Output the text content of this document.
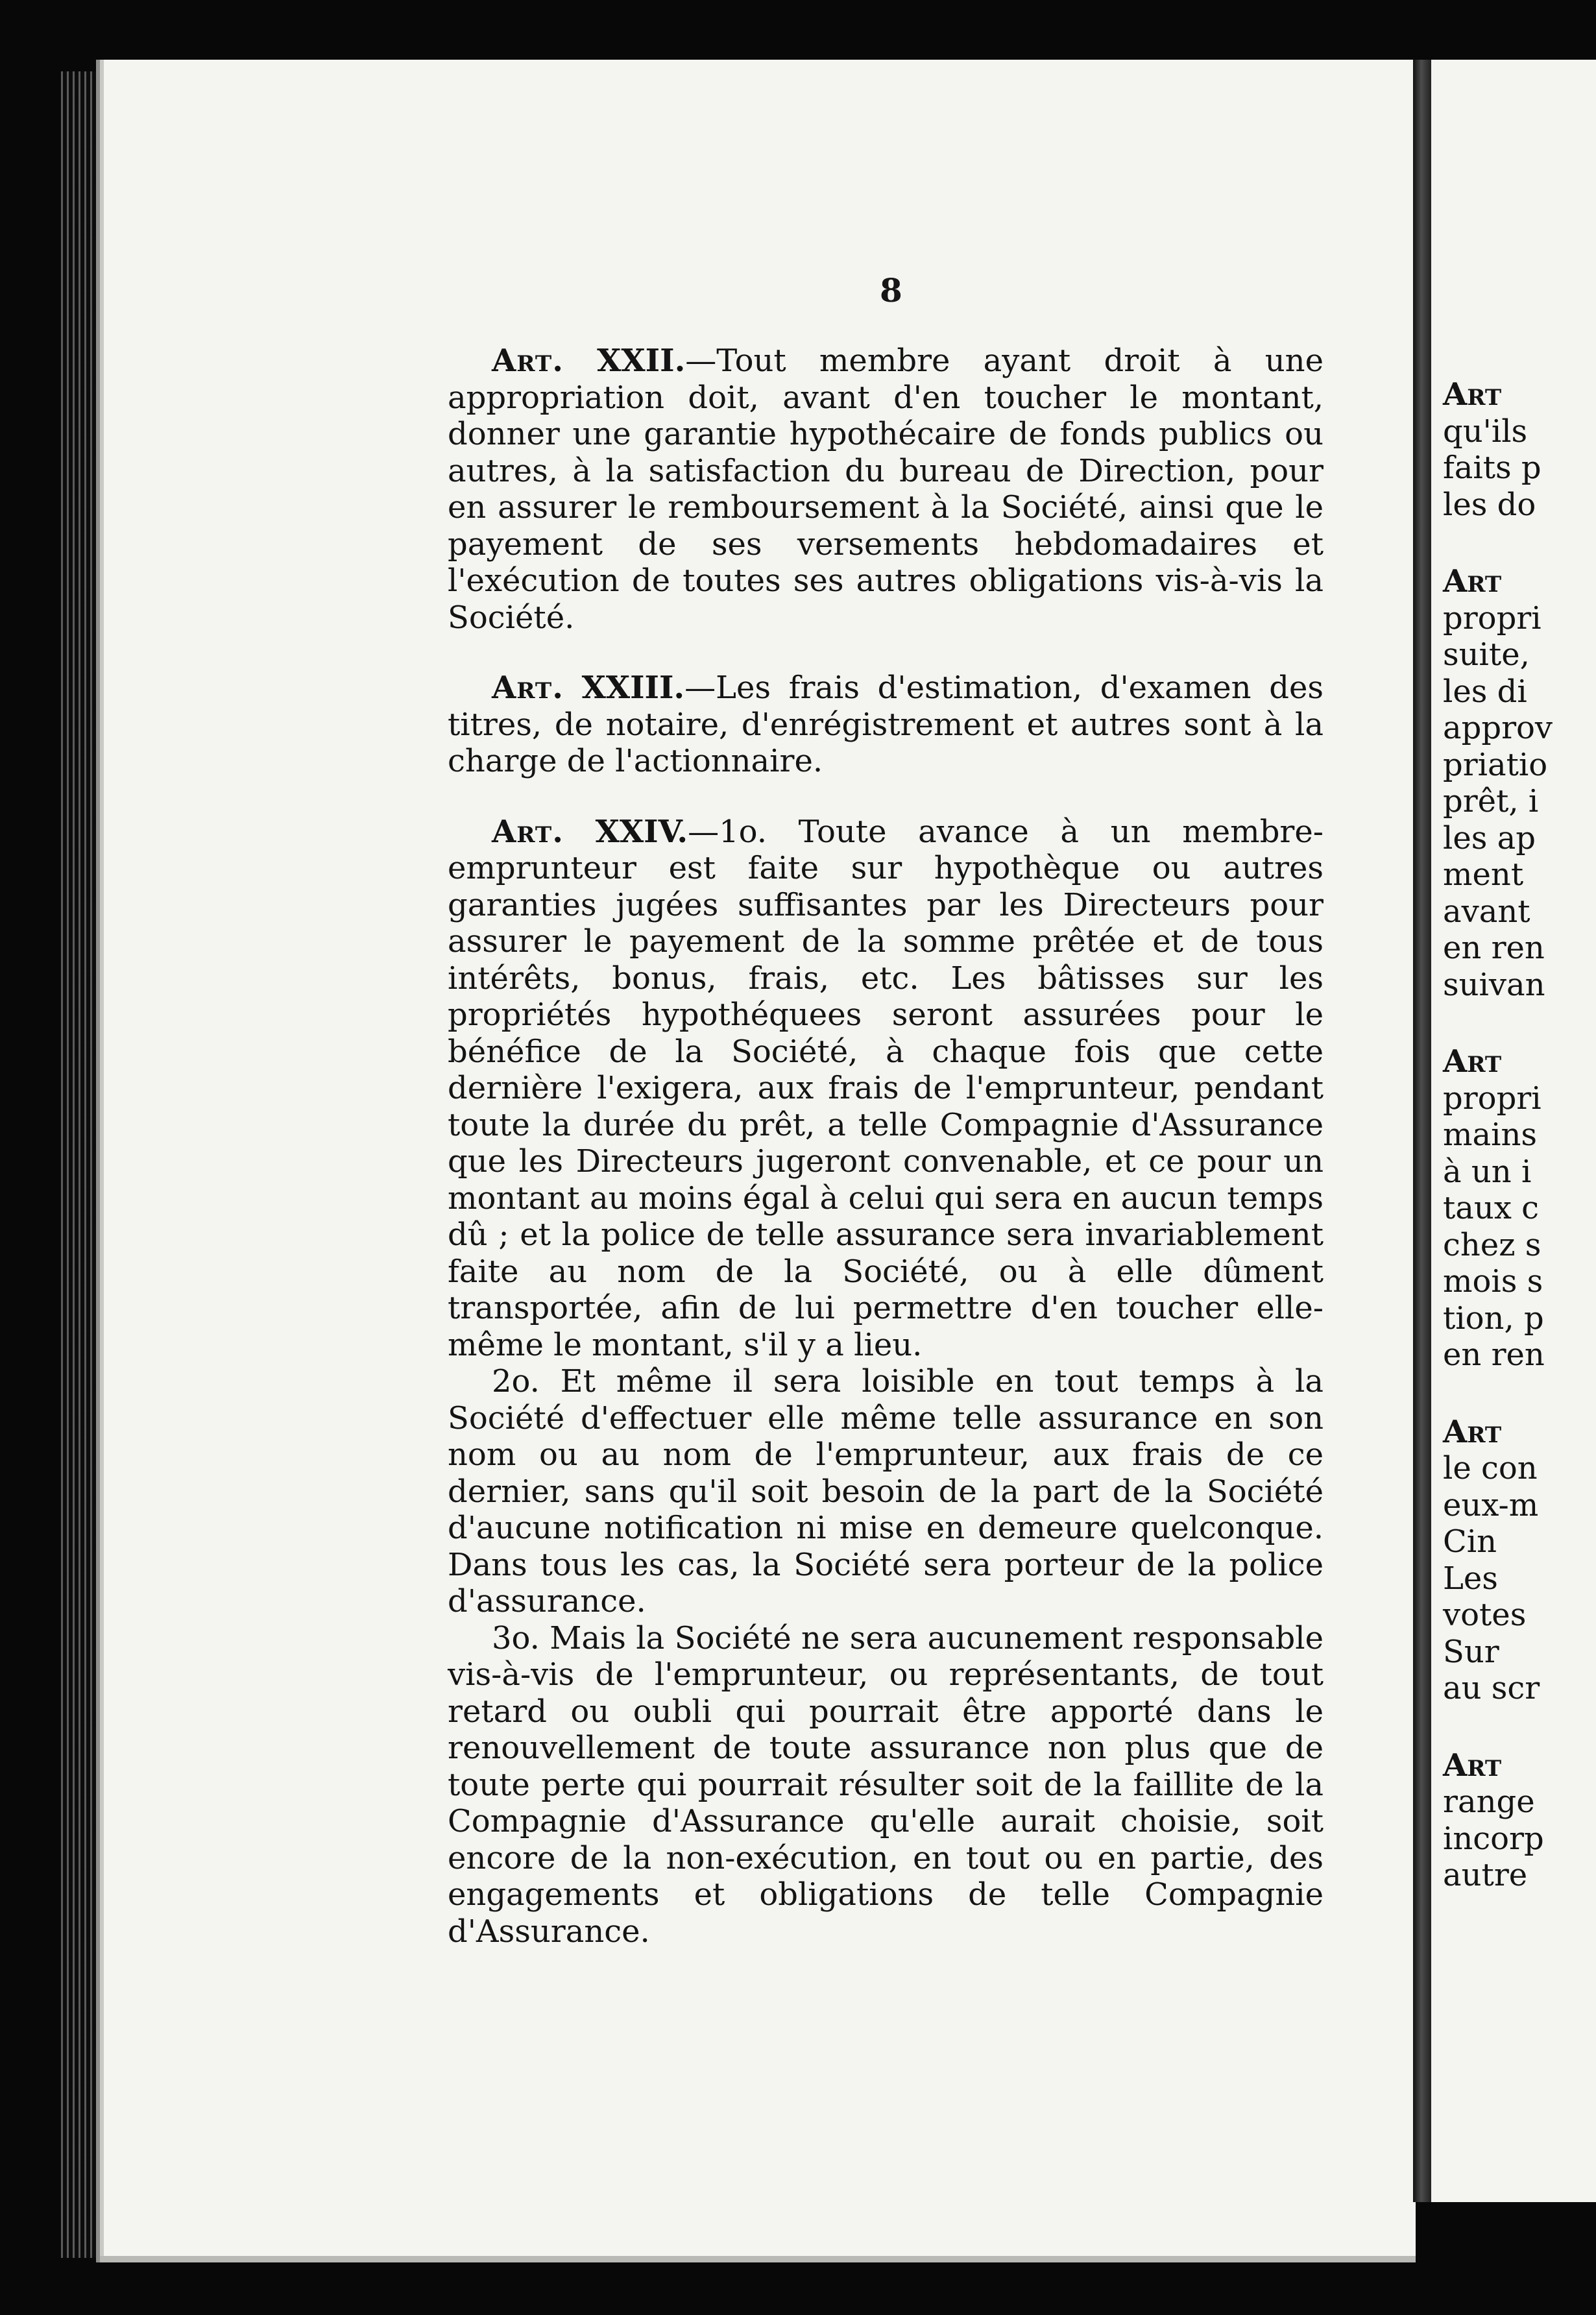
Art
qu'ils
faits p
les do
Art
propri
suite,
les di
approv
priatio
prêt, i
les ap
ment
avant
en ren
suivan
Art
propri
mains
à un i
taux c
chez s
mois s
tion, p
en ren
Art
le con
eux-m
Cin
Les
votes
Sur
au scr
Art
range
incorp
autre
8

Art. XXII.—Tout membre ayant droit à une appropriation doit, avant d'en toucher le montant, donner une garantie hypothécaire de fonds publics ou autres, à la satisfaction du bureau de Direction, pour en assurer le remboursement à la Société, ainsi que le payement de ses versements hebdomadaires et l'exécution de toutes ses autres obligations vis-à-vis la Société.

Art. XXIII.—Les frais d'estimation, d'examen des titres, de notaire, d'enrégistrement et autres sont à la charge de l'actionnaire.

Art. XXIV.—1o. Toute avance à un membre-emprunteur est faite sur hypothèque ou autres garanties jugées suffisantes par les Directeurs pour assurer le payement de la somme prêtée et de tous intérêts, bonus, frais, etc. Les bâtisses sur les propriétés hypothéquees seront assurées pour le bénéfice de la Société, à chaque fois que cette dernière l'exigera, aux frais de l'emprunteur, pendant toute la durée du prêt, a telle Compagnie d'Assurance que les Directeurs jugeront convenable, et ce pour un montant au moins égal à celui qui sera en aucun temps dû ; et la police de telle assurance sera invariablement faite au nom de la Société, ou à elle dûment transportée, afin de lui permettre d'en toucher elle-même le montant, s'il y a lieu.

2o. Et même il sera loisible en tout temps à la Société d'effectuer elle même telle assurance en son nom ou au nom de l'emprunteur, aux frais de ce dernier, sans qu'il soit besoin de la part de la Société d'aucune notification ni mise en demeure quelconque. Dans tous les cas, la Société sera porteur de la police d'assurance.

3o. Mais la Société ne sera aucunement responsable vis-à-vis de l'emprunteur, ou représentants, de tout retard ou oubli qui pourrait être apporté dans le renouvellement de toute assurance non plus que de toute perte qui pourrait résulter soit de la faillite de la Compagnie d'Assurance qu'elle aurait choisie, soit encore de la non-exécution, en tout ou en partie, des engagements et obligations de telle Compagnie d'Assurance.
